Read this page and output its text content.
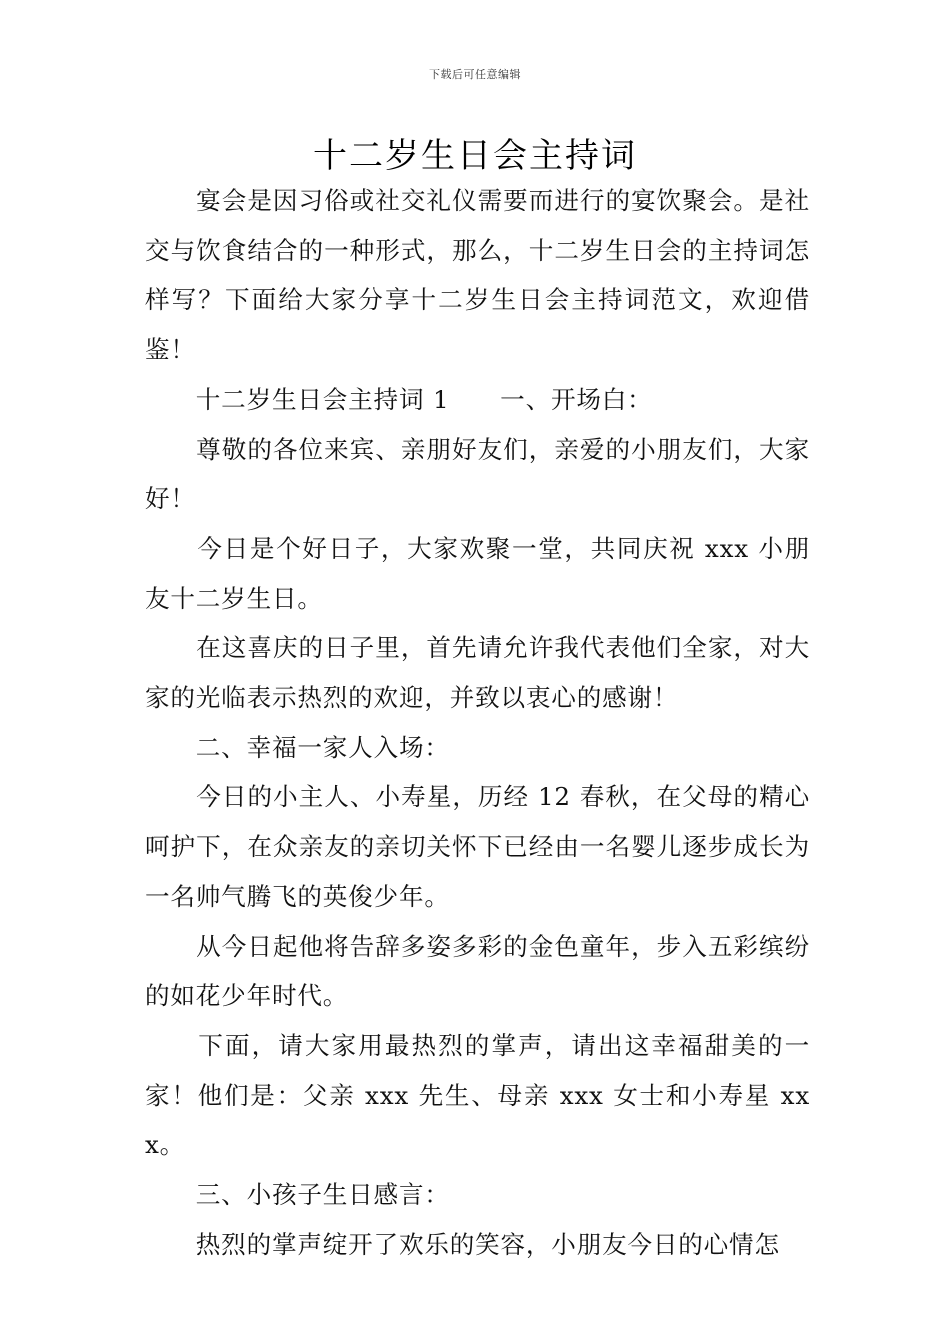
下载后可任意编辑
十二岁生日会主持词

　　宴会是因习俗或社交礼仪需要而进行的宴饮聚会。是社交与饮食结合的一种形式，那么，十二岁生日会的主持词怎样写？下面给大家分享十二岁生日会主持词范文，欢迎借鉴！

　　十二岁生日会主持词 1　　一、开场白：

　　尊敬的各位来宾、亲朋好友们，亲爱的小朋友们，大家好！

　　今日是个好日子，大家欢聚一堂，共同庆祝 xxx 小朋友十二岁生日。

　　在这喜庆的日子里，首先请允许我代表他们全家，对大家的光临表示热烈的欢迎，并致以衷心的感谢！

　　二、幸福一家人入场：

　　今日的小主人、小寿星，历经 12 春秋，在父母的精心呵护下，在众亲友的亲切关怀下已经由一名婴儿逐步成长为一名帅气腾飞的英俊少年。

　　从今日起他将告辞多姿多彩的金色童年，步入五彩缤纷的如花少年时代。

　　下面，请大家用最热烈的掌声，请出这幸福甜美的一家！他们是：父亲 xxx 先生、母亲 xxx 女士和小寿星 xxx。

　　三、小孩子生日感言：

　　热烈的掌声绽开了欢乐的笑容，小朋友今日的心情怎
